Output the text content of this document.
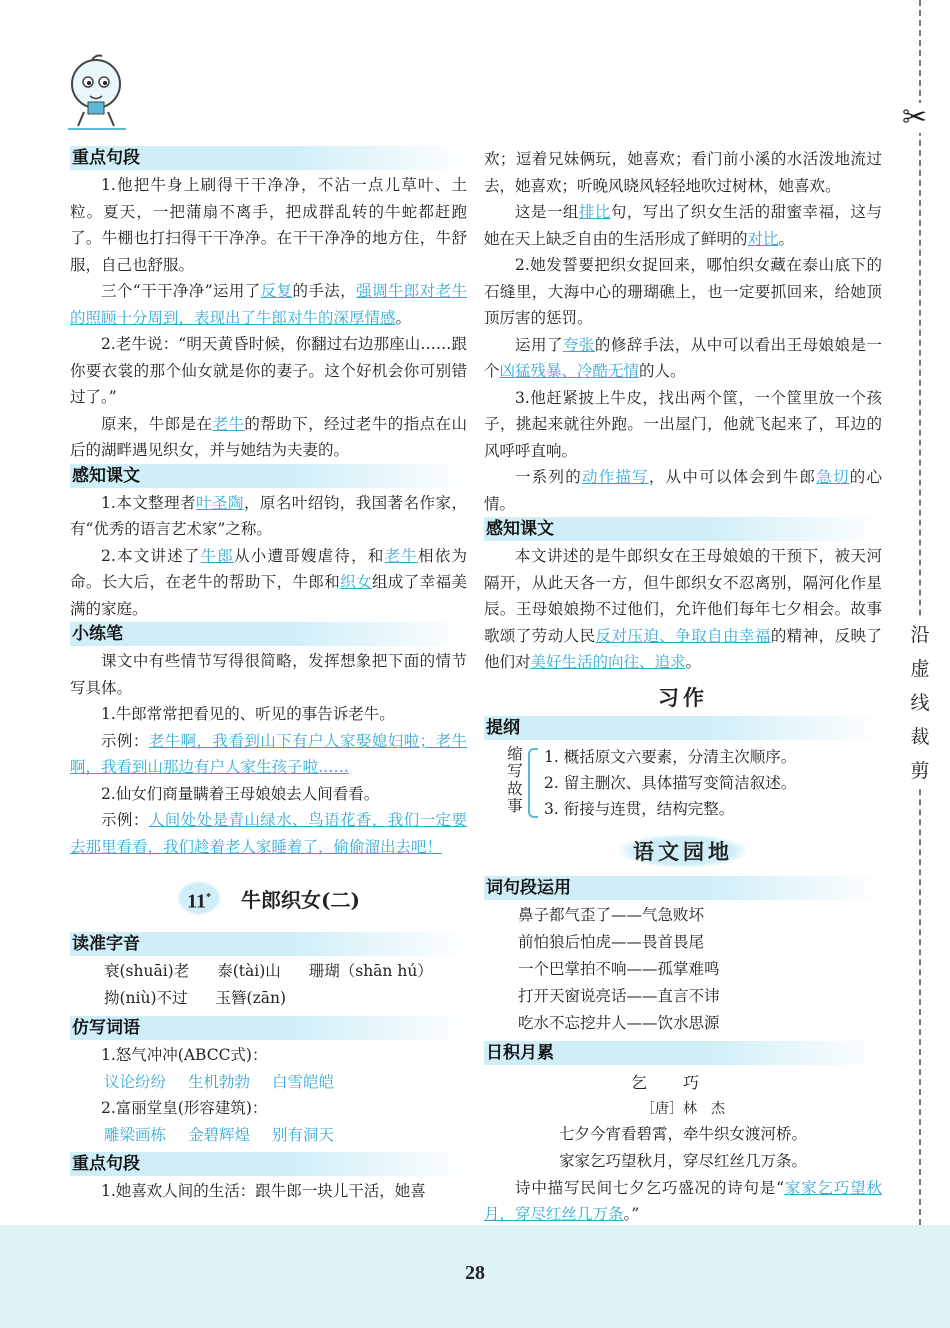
✂
沿
虚
线
裁
剪
重点句段

1.他把牛身上刷得干干净净，不沾一点儿草叶、土粒。夏天，一把蒲扇不离手，把成群乱转的牛蛇都赶跑了。牛棚也打扫得干干净净。在干干净净的地方住，牛舒服，自己也舒服。

三个“干干净净”运用了反复的手法，强调牛郎对老牛的照顾十分周到，表现出了牛郎对牛的深厚情感。

2.老牛说：“明天黄昏时候，你翻过右边那座山……跟你要衣裳的那个仙女就是你的妻子。这个好机会你可别错过了。”

原来，牛郎是在老牛的帮助下，经过老牛的指点在山后的湖畔遇见织女，并与她结为夫妻的。

感知课文

1.本文整理者叶圣陶，原名叶绍钧，我国著名作家，有“优秀的语言艺术家”之称。

2.本文讲述了牛郎从小遭哥嫂虐待，和老牛相依为命。长大后，在老牛的帮助下，牛郎和织女组成了幸福美满的家庭。

小练笔

课文中有些情节写得很简略，发挥想象把下面的情节写具体。

1.牛郎常常把看见的、听见的事告诉老牛。

示例：老牛啊，我看到山下有户人家娶媳妇啦；老牛啊，我看到山那边有户人家生孩子啦……

2.仙女们商量瞒着王母娘娘去人间看看。

示例：人间处处是青山绿水、鸟语花香，我们一定要去那里看看，我们趁着老人家睡着了，偷偷溜出去吧！

11*	牛郎织女(二)
读准字音
衰(shuāi)老 泰(tài)山 珊瑚（shān hú）
拗(niù)不过 玉簪(zān)
仿写词语

1.怒气冲冲(ABCC式)：

议论纷纷 生机勃勃 白雪皑皑

2.富丽堂皇(形容建筑)：

雕梁画栋 金碧辉煌 别有洞天
重点句段

1.她喜欢人间的生活：跟牛郎一块儿干活，她喜

欢；逗着兄妹俩玩，她喜欢；看门前小溪的水活泼地流过去，她喜欢；听晚风晓风轻轻地吹过树林，她喜欢。

这是一组排比句，写出了织女生活的甜蜜幸福，这与她在天上缺乏自由的生活形成了鲜明的对比。

2.她发誓要把织女捉回来，哪怕织女藏在泰山底下的石缝里，大海中心的珊瑚礁上，也一定要抓回来，给她顶顶厉害的惩罚。

运用了夸张的修辞手法，从中可以看出王母娘娘是一个凶猛残暴、冷酷无情的人。

3.他赶紧披上牛皮，找出两个筐，一个筐里放一个孩子，挑起来就往外跑。一出屋门，他就飞起来了，耳边的风呼呼直响。

一系列的动作描写，从中可以体会到牛郎急切的心情。

感知课文

本文讲述的是牛郎织女在王母娘娘的干预下，被天河隔开，从此天各一方，但牛郎织女不忍离别，隔河化作星辰。王母娘娘拗不过他们，允许他们每年七夕相会。故事歌颂了劳动人民反对压迫、争取自由幸福的精神，反映了他们对美好生活的向往、追求。

习作
提纲
缩
写
故
事
1. 概括原文六要素，分清主次顺序。
2. 留主删次、具体描写变简洁叙述。
3. 衔接与连贯，结构完整。
语文园地
词句段运用
鼻子都气歪了——气急败坏
前怕狼后怕虎——畏首畏尾
一个巴掌拍不响——孤掌难鸣
打开天窗说亮话——直言不讳
吃水不忘挖井人——饮水思源
日积月累
乞巧
［唐］林　杰
七夕今宵看碧霄，牵牛织女渡河桥。
家家乞巧望秋月，穿尽红丝几万条。

诗中描写民间七夕乞巧盛况的诗句是“家家乞巧望秋月，穿尽红丝几万条。”

28
